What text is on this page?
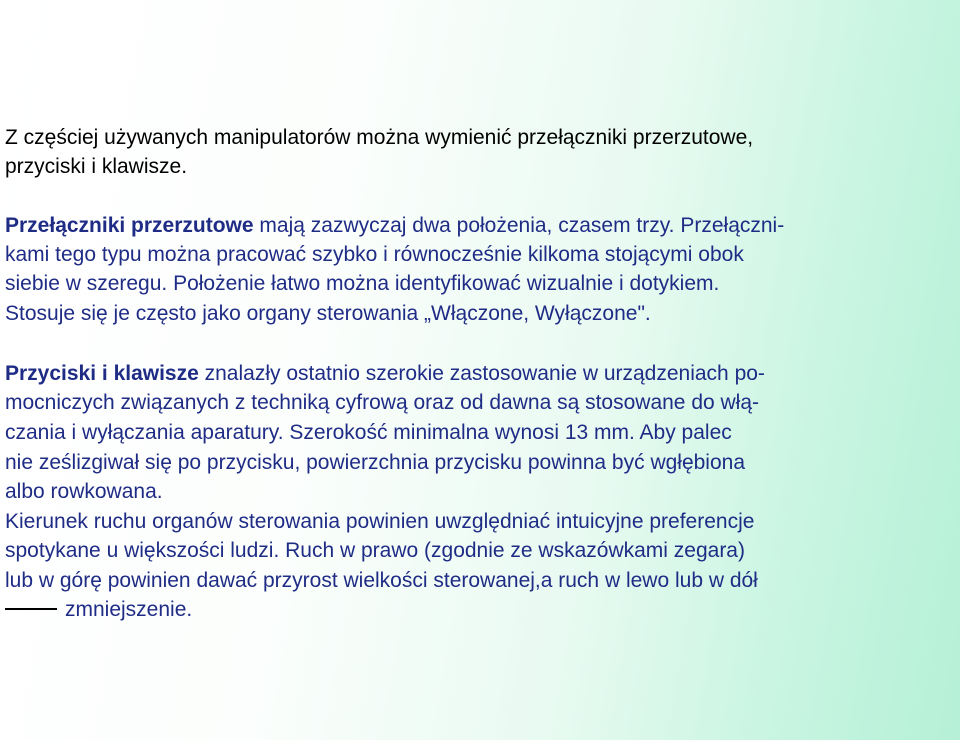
Z częściej używanych manipulatorów można wymienić przełączniki przerzutowe,
przyciski i klawisze.
Przełączniki przerzutowe mają zazwyczaj dwa położenia, czasem trzy. Przełączni-
kami tego typu można pracować szybko i równocześnie kilkoma stojącymi obok
siebie w szeregu. Położenie łatwo można identyfikować wizualnie i dotykiem.
Stosuje się je często jako organy sterowania „Włączone, Wyłączone".
Przyciski i klawisze znalazły ostatnio szerokie zastosowanie w urządzeniach po-
mocniczych związanych z techniką cyfrową oraz od dawna są stosowane do włą-
czania i wyłączania aparatury. Szerokość minimalna wynosi 13 mm. Aby palec
nie ześlizgiwał się po przycisku, powierzchnia przycisku powinna być wgłębiona
albo rowkowana.
Kierunek ruchu organów sterowania powinien uwzględniać intuicyjne preferencje
spotykane u większości ludzi. Ruch w prawo (zgodnie ze wskazówkami zegara)
lub w górę powinien dawać przyrost wielkości sterowanej,a ruch w lewo lub w dół
zmniejszenie.
